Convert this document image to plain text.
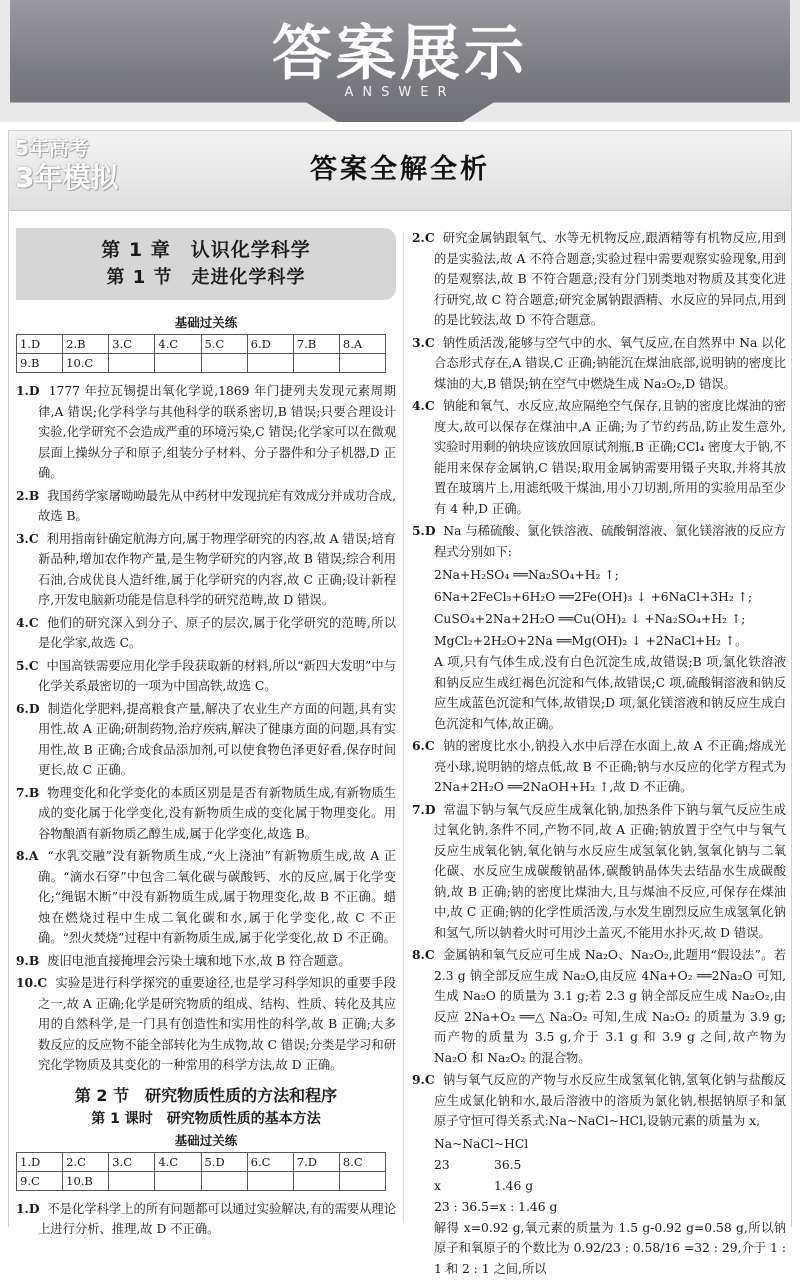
答案展示
ANSWER
5年高考
3年模拟	答案全解全析
第 1 章　认识化学科学
第 1 节　走进化学科学
基础过关练
1.D	2.B	3.C	4.C	5.C	6.D	7.B	8.A
9.B	10.C						
1.D 1777 年拉瓦锡提出氧化学说,1869 年门捷列夫发现元素周期律,A 错误;化学科学与其他科学的联系密切,B 错误;只要合理设计实验,化学研究不会造成严重的环境污染,C 错误;化学家可以在微观层面上操纵分子和原子,组装分子材料、分子器件和分子机器,D 正确。
2.B 我国药学家屠呦呦最先从中药材中发现抗疟有效成分并成功合成,故选 B。
3.C 利用指南针确定航海方向,属于物理学研究的内容,故 A 错误;培育新品种,增加农作物产量,是生物学研究的内容,故 B 错误;综合利用石油,合成优良人造纤维,属于化学研究的内容,故 C 正确;设计新程序,开发电脑新功能是信息科学的研究范畴,故 D 错误。
4.C 他们的研究深入到分子、原子的层次,属于化学研究的范畴,所以是化学家,故选 C。
5.C 中国高铁需要应用化学手段获取新的材料,所以“新四大发明”中与化学关系最密切的一项为中国高铁,故选 C。
6.D 制造化学肥料,提高粮食产量,解决了农业生产方面的问题,具有实用性,故 A 正确;研制药物,治疗疾病,解决了健康方面的问题,具有实用性,故 B 正确;合成食品添加剂,可以使食物色泽更好看,保存时间更长,故 C 正确。
7.B 物理变化和化学变化的本质区别是是否有新物质生成,有新物质生成的变化属于化学变化,没有新物质生成的变化属于物理变化。用谷物酿酒有新物质乙醇生成,属于化学变化,故选 B。
8.A “水乳交融”没有新物质生成,“火上浇油”有新物质生成,故 A 正确。“滴水石穿”中包含二氧化碳与碳酸钙、水的反应,属于化学变化;“绳锯木断”中没有新物质生成,属于物理变化,故 B 不正确。蜡烛在燃烧过程中生成二氧化碳和水,属于化学变化,故 C 不正确。“烈火焚烧”过程中有新物质生成,属于化学变化,故 D 不正确。
9.B 废旧电池直接掩埋会污染土壤和地下水,故 B 符合题意。
10.C 实验是进行科学探究的重要途径,也是学习科学知识的重要手段之一,故 A 正确;化学是研究物质的组成、结构、性质、转化及其应用的自然科学,是一门具有创造性和实用性的科学,故 B 正确;大多数反应的反应物不能全部转化为生成物,故 C 错误;分类是学习和研究化学物质及其变化的一种常用的科学方法,故 D 正确。
第 2 节　研究物质性质的方法和程序
第 1 课时　研究物质性质的基本方法
基础过关练
1.D	2.C	3.C	4.C	5.D	6.C	7.D	8.C
9.C	10.B						
1.D 不是化学科学上的所有问题都可以通过实验解决,有的需要从理论上进行分析、推理,故 D 不正确。
2.C 研究金属钠跟氧气、水等无机物反应,跟酒精等有机物反应,用到的是实验法,故 A 不符合题意;实验过程中需要观察实验现象,用到的是观察法,故 B 不符合题意;没有分门别类地对物质及其变化进行研究,故 C 符合题意;研究金属钠跟酒精、水反应的异同点,用到的是比较法,故 D 不符合题意。
3.C 钠性质活泼,能够与空气中的水、氧气反应,在自然界中 Na 以化合态形式存在,A 错误,C 正确;钠能沉在煤油底部,说明钠的密度比煤油的大,B 错误;钠在空气中燃烧生成 Na₂O₂,D 错误。
4.C 钠能和氧气、水反应,故应隔绝空气保存,且钠的密度比煤油的密度大,故可以保存在煤油中,A 正确;为了节约药品,防止发生意外,实验时用剩的钠块应该放回原试剂瓶,B 正确;CCl₄ 密度大于钠,不能用来保存金属钠,C 错误;取用金属钠需要用镊子夹取,并将其放置在玻璃片上,用滤纸吸干煤油,用小刀切割,所用的实验用品至少有 4 种,D 正确。
5.D Na 与稀硫酸、氯化铁溶液、硫酸铜溶液、氯化镁溶液的反应方程式分别如下:
2Na+H₂SO₄ ══Na₂SO₄+H₂ ↑;
6Na+2FeCl₃+6H₂O ══2Fe(OH)₃ ↓ +6NaCl+3H₂ ↑;
CuSO₄+2Na+2H₂O ══Cu(OH)₂ ↓ +Na₂SO₄+H₂ ↑;
MgCl₂+2H₂O+2Na ══Mg(OH)₂ ↓ +2NaCl+H₂ ↑。
A 项,只有气体生成,没有白色沉淀生成,故错误;B 项,氯化铁溶液和钠反应生成红褐色沉淀和气体,故错误;C 项,硫酸铜溶液和钠反应生成蓝色沉淀和气体,故错误;D 项,氯化镁溶液和钠反应生成白色沉淀和气体,故正确。
6.C 钠的密度比水小,钠投入水中后浮在水面上,故 A 不正确;熔成光亮小球,说明钠的熔点低,故 B 不正确;钠与水反应的化学方程式为 2Na+2H₂O ══2NaOH+H₂ ↑,故 D 不正确。
7.D 常温下钠与氧气反应生成氧化钠,加热条件下钠与氧气反应生成过氧化钠,条件不同,产物不同,故 A 正确;钠放置于空气中与氧气反应生成氧化钠,氧化钠与水反应生成氢氧化钠,氢氧化钠与二氧化碳、水反应生成碳酸钠晶体,碳酸钠晶体失去结晶水生成碳酸钠,故 B 正确;钠的密度比煤油大,且与煤油不反应,可保存在煤油中,故 C 正确;钠的化学性质活泼,与水发生剧烈反应生成氢氧化钠和氢气,所以钠着火时可用沙土盖灭,不能用水扑灭,故 D 错误。
8.C 金属钠和氧气反应可生成 Na₂O、Na₂O₂,此题用“假设法”。若 2.3 g 钠全部反应生成 Na₂O,由反应 4Na+O₂ ══2Na₂O 可知,生成 Na₂O 的质量为 3.1 g;若 2.3 g 钠全部反应生成 Na₂O₂,由反应 2Na+O₂ ══△ Na₂O₂ 可知,生成 Na₂O₂ 的质量为 3.9 g;而产物的质量为 3.5 g,介于 3.1 g 和 3.9 g 之间,故产物为 Na₂O 和 Na₂O₂ 的混合物。
9.C 钠与氧气反应的产物与水反应生成氢氧化钠,氢氧化钠与盐酸反应生成氯化钠和水,最后溶液中的溶质为氯化钠,根据钠原子和氯原子守恒可得关系式:Na~NaCl~HCl,设钠元素的质量为 x,
Na~NaCl~HCl
23	36.5
x	1.46 g
23 : 36.5=x : 1.46 g
解得 x=0.92 g,氧元素的质量为 1.5 g-0.92 g=0.58 g,所以钠原子和氧原子的个数比为 0.92/23 : 0.58/16 =32 : 29,介于 1 : 1 和 2 : 1 之间,所以
